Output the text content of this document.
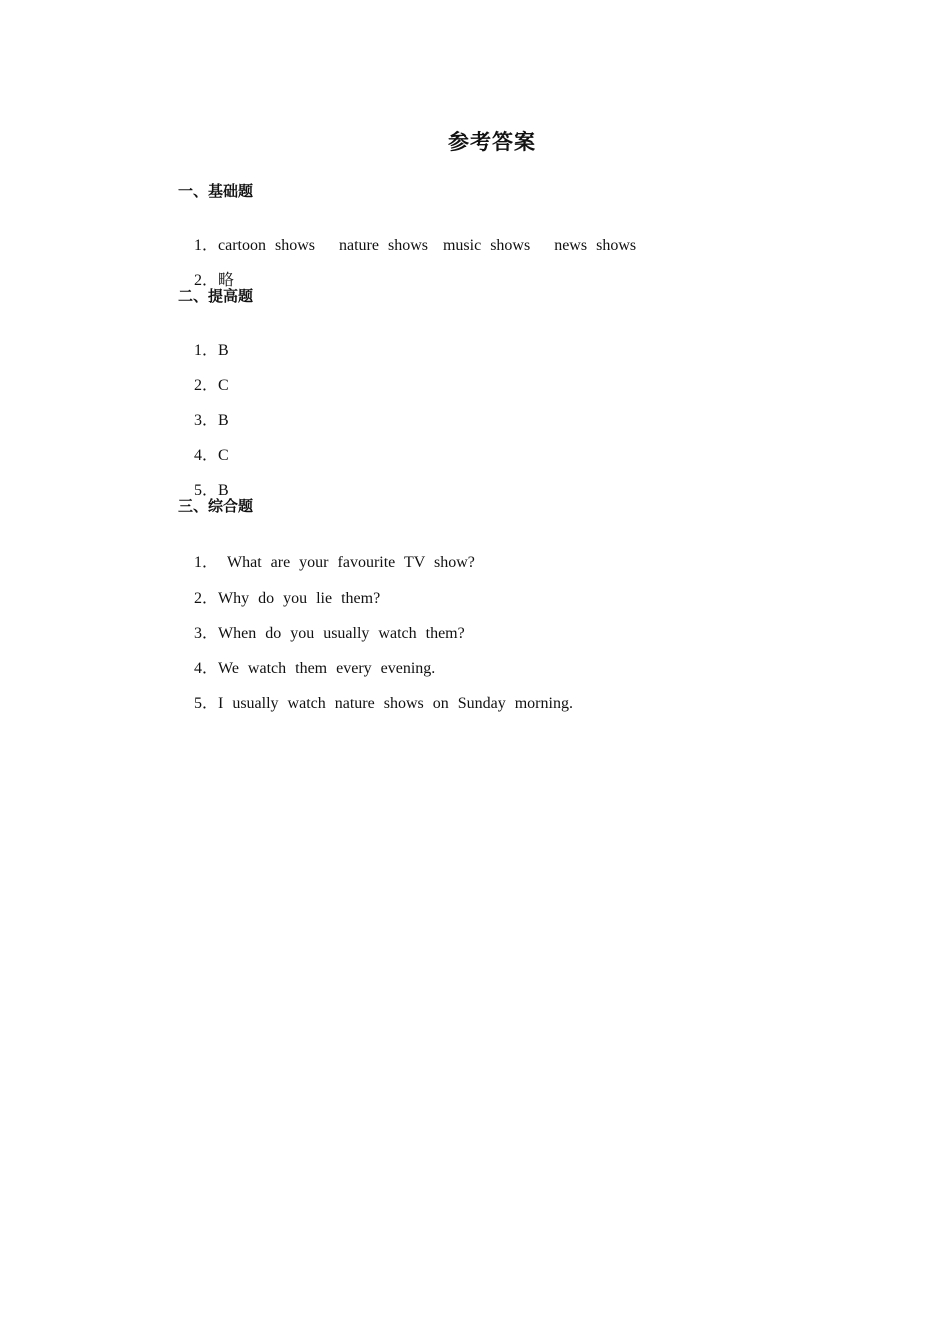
参考答案
一、基础题

1．cartoon shows nature shows music shows news shows

2．略

二、提高题

1．B

2．C

3．B

4．C

5．B

三、综合题

1． What are your favourite TV show?

2．Why do you lie them?

3．When do you usually watch them?

4．We watch them every evening.

5．I usually watch nature shows on Sunday morning.
